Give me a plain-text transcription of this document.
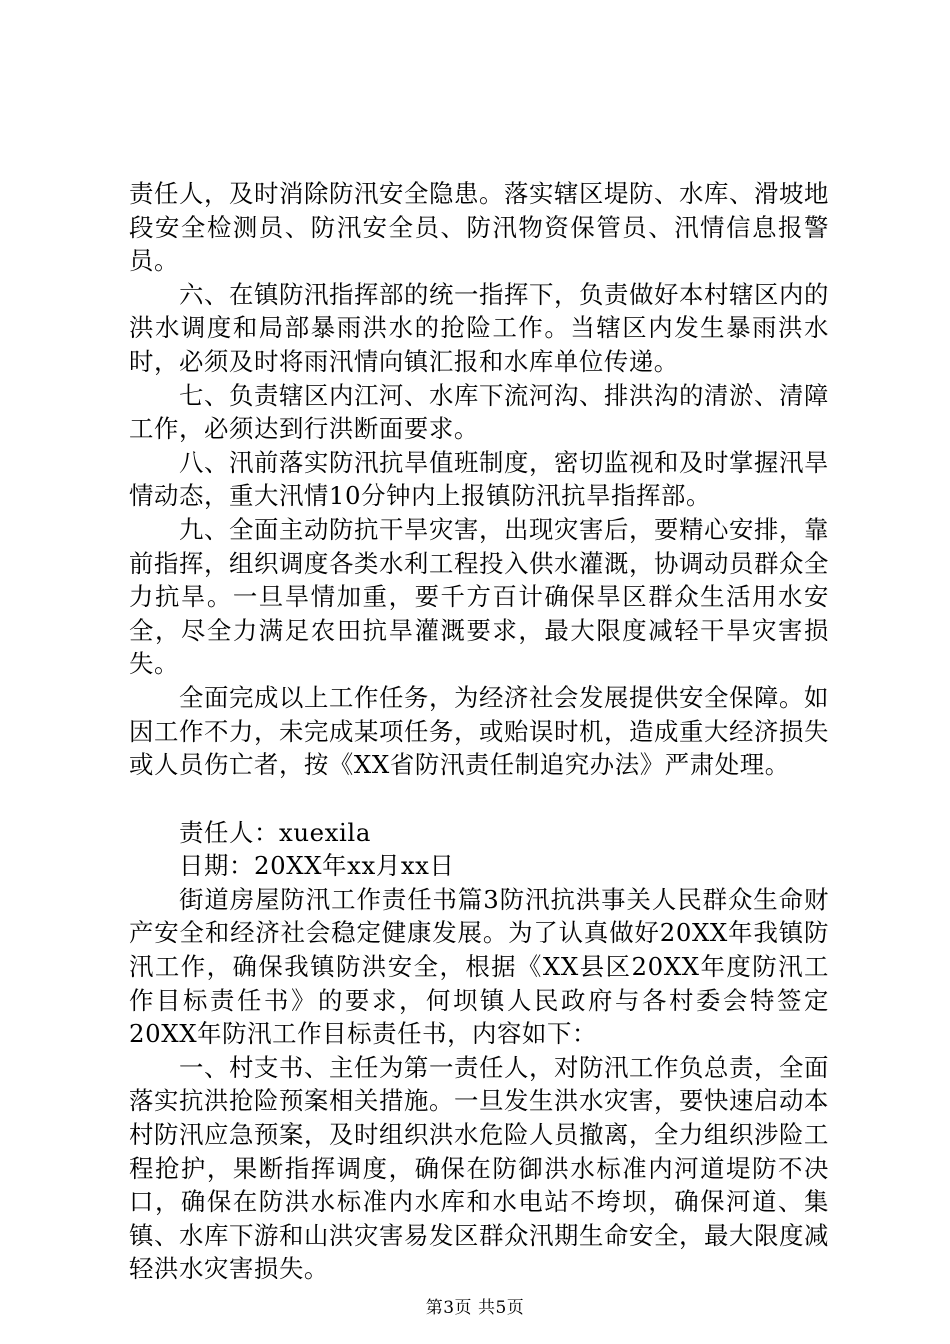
责任人，及时消除防汛安全隐患。落实辖区堤防、水库、滑坡地段安全检测员、防汛安全员、防汛物资保管员、汛情信息报警员。

六、在镇防汛指挥部的统一指挥下，负责做好本村辖区内的洪水调度和局部暴雨洪水的抢险工作。当辖区内发生暴雨洪水时，必须及时将雨汛情向镇汇报和水库单位传递。

七、负责辖区内江河、水库下流河沟、排洪沟的清淤、清障工作，必须达到行洪断面要求。

八、汛前落实防汛抗旱值班制度，密切监视和及时掌握汛旱情动态，重大汛情10分钟内上报镇防汛抗旱指挥部。

九、全面主动防抗干旱灾害，出现灾害后，要精心安排，靠前指挥，组织调度各类水利工程投入供水灌溉，协调动员群众全力抗旱。一旦旱情加重，要千方百计确保旱区群众生活用水安全，尽全力满足农田抗旱灌溉要求，最大限度减轻干旱灾害损失。

全面完成以上工作任务，为经济社会发展提供安全保障。如因工作不力，未完成某项任务，或贻误时机，造成重大经济损失或人员伤亡者，按《XX省防汛责任制追究办法》严肃处理。

责任人：xuexila

日期：20XX年xx月xx日

街道房屋防汛工作责任书篇3防汛抗洪事关人民群众生命财产安全和经济社会稳定健康发展。为了认真做好20XX年我镇防汛工作，确保我镇防洪安全，根据《XX县区20XX年度防汛工作目标责任书》的要求，何坝镇人民政府与各村委会特签定20XX年防汛工作目标责任书，内容如下：

一、村支书、主任为第一责任人，对防汛工作负总责，全面落实抗洪抢险预案相关措施。一旦发生洪水灾害，要快速启动本村防汛应急预案，及时组织洪水危险人员撤离，全力组织涉险工程抢护，果断指挥调度，确保在防御洪水标准内河道堤防不决口，确保在防洪水标准内水库和水电站不垮坝，确保河道、集镇、水库下游和山洪灾害易发区群众汛期生命安全，最大限度减轻洪水灾害损失。

第3页 共5页
